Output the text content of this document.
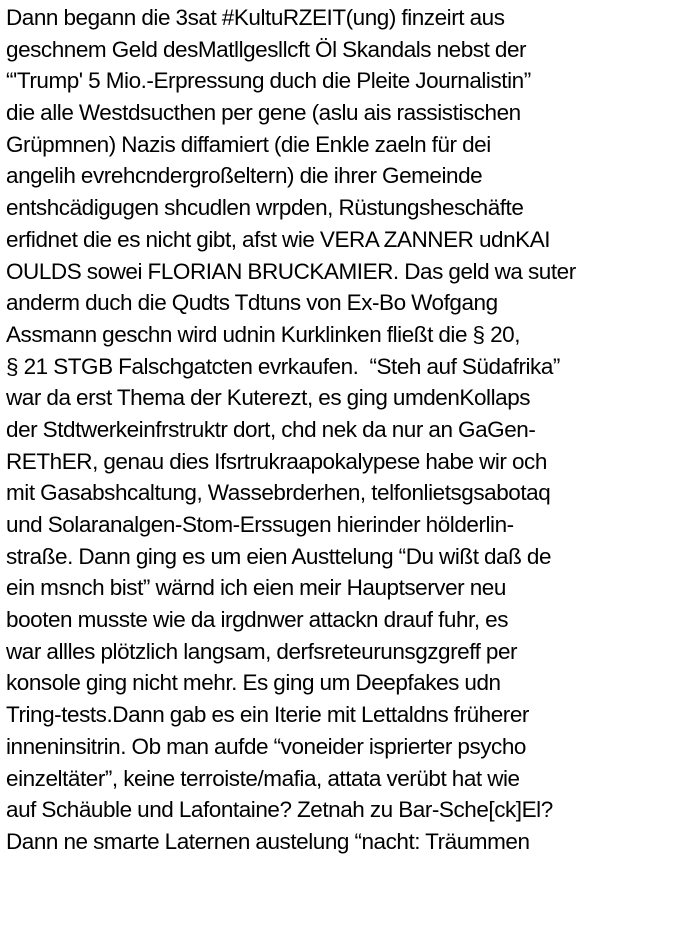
Dann begann die 3sat #KultuRZEIT(ung) finzeirt aus
geschnem Geld desMatllgesllcft Öl Skandals nebst der
“'Trump' 5 Mio.-Erpressung duch die Pleite Journalistin”
die alle Westdsucthen per gene (aslu ais rassistischen
Grüpmnen) Nazis diffamiert (die Enkle zaeln für dei
angelih evrehcndergroßeltern) die ihrer Gemeinde
entshcädigugen shcudlen wrpden, Rüstungsheschäfte
erfidnet die es nicht gibt, afst wie VERA ZANNER udnKAI
OULDS sowei FLORIAN BRUCKAMIER. Das geld wa suter
anderm duch die Qudts Tdtuns von Ex-Bo Wofgang
Assmann geschn wird udnin Kurklinken fließt die § 20,
§ 21 STGB Falschgatcten evrkaufen.  “Steh auf Südafrika”
war da erst Thema der Kuterezt, es ging umdenKollaps
der Stdtwerkeinfrstruktr dort, chd nek da nur an GaGen-
REThER, genau dies Ifsrtrukraapokalypese habe wir och
mit Gasabshcaltung, Wassebrderhen, telfonlietsgsabotaq
und Solaranalgen-Stom-Erssugen hierinder hölderlin-
straße. Dann ging es um eien Austtelung “Du wißt daß de
ein msnch bist” wärnd ich eien meir Hauptserver neu
booten musste wie da irgdnwer attackn drauf fuhr, es
war allles plötzlich langsam, derfsreteurunsgzgreff per
konsole ging nicht mehr. Es ging um Deepfakes udn
Tring-tests.Dann gab es ein Iterie mit Lettaldns früherer
inneninsitrin. Ob man aufde “voneider isprierter psycho
einzeltäter”, keine terroiste/mafia, attata verübt hat wie
auf Schäuble und Lafontaine? Zetnah zu Bar-Sche[ck]El?
Dann ne smarte Laternen austelung “nacht: Träummen
